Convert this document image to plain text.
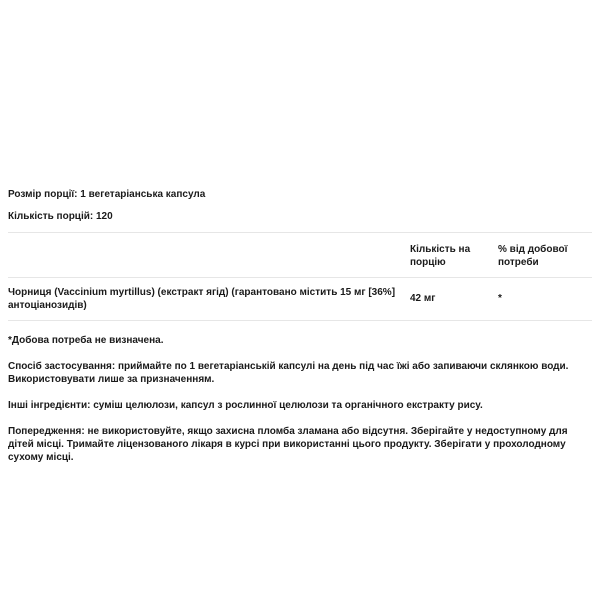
Розмір порції: 1 вегетаріанська капсула
Кількість порцій: 120
	Кількість на порцію	% від добової потреби
Чорниця (Vaccinium myrtillus) (екстракт ягід) (гарантовано містить 15 мг [36%] антоціанозидів)	42 мг	*
*Добова потреба не визначена.
Спосіб застосування: приймайте по 1 вегетаріанській капсулі на день під час їжі або запиваючи склянкою води. Використовувати лише за призначенням.
Інші інгредієнти: суміш целюлози, капсул з рослинної целюлози та органічного екстракту рису.
Попередження: не використовуйте, якщо захисна пломба зламана або відсутня. Зберігайте у недоступному для дітей місці. Тримайте ліцензованого лікаря в курсі при використанні цього продукту. Зберігати у прохолодному сухому місці.
